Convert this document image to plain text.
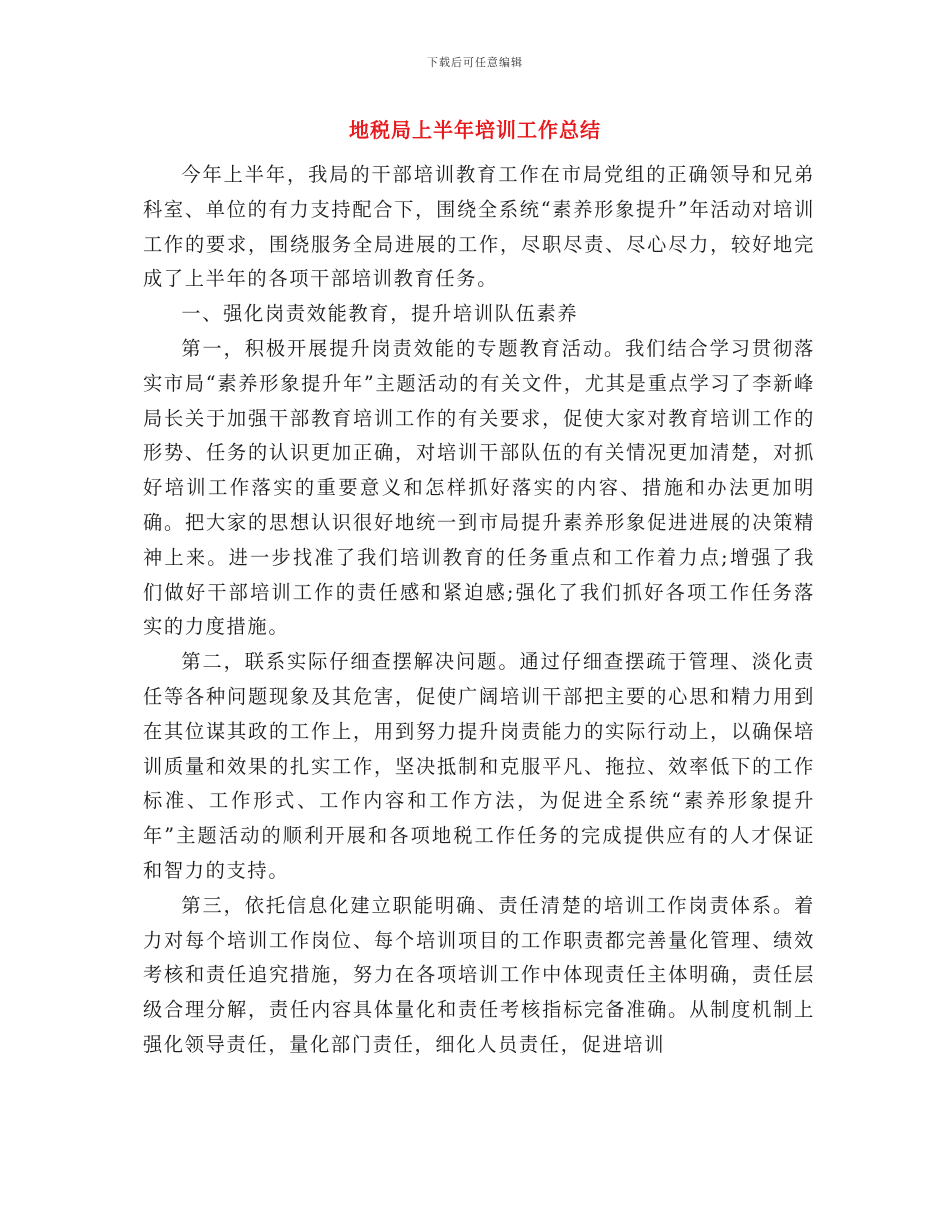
下载后可任意编辑
地税局上半年培训工作总结

今年上半年，我局的干部培训教育工作在市局党组的正确领导和兄弟科室、单位的有力支持配合下，围绕全系统“素养形象提升”年活动对培训工作的要求，围绕服务全局进展的工作，尽职尽责、尽心尽力，较好地完成了上半年的各项干部培训教育任务。

一、强化岗责效能教育，提升培训队伍素养

第一，积极开展提升岗责效能的专题教育活动。我们结合学习贯彻落实市局“素养形象提升年”主题活动的有关文件，尤其是重点学习了李新峰局长关于加强干部教育培训工作的有关要求，促使大家对教育培训工作的形势、任务的认识更加正确，对培训干部队伍的有关情况更加清楚，对抓好培训工作落实的重要意义和怎样抓好落实的内容、措施和办法更加明确。把大家的思想认识很好地统一到市局提升素养形象促进进展的决策精神上来。进一步找准了我们培训教育的任务重点和工作着力点;增强了我们做好干部培训工作的责任感和紧迫感;强化了我们抓好各项工作任务落实的力度措施。

第二，联系实际仔细查摆解决问题。通过仔细查摆疏于管理、淡化责任等各种问题现象及其危害，促使广阔培训干部把主要的心思和精力用到在其位谋其政的工作上，用到努力提升岗责能力的实际行动上，以确保培训质量和效果的扎实工作，坚决抵制和克服平凡、拖拉、效率低下的工作标准、工作形式、工作内容和工作方法，为促进全系统“素养形象提升年”主题活动的顺利开展和各项地税工作任务的完成提供应有的人才保证和智力的支持。

第三，依托信息化建立职能明确、责任清楚的培训工作岗责体系。着力对每个培训工作岗位、每个培训项目的工作职责都完善量化管理、绩效考核和责任追究措施，努力在各项培训工作中体现责任主体明确，责任层级合理分解，责任内容具体量化和责任考核指标完备准确。从制度机制上强化领导责任，量化部门责任，细化人员责任，促进培训
